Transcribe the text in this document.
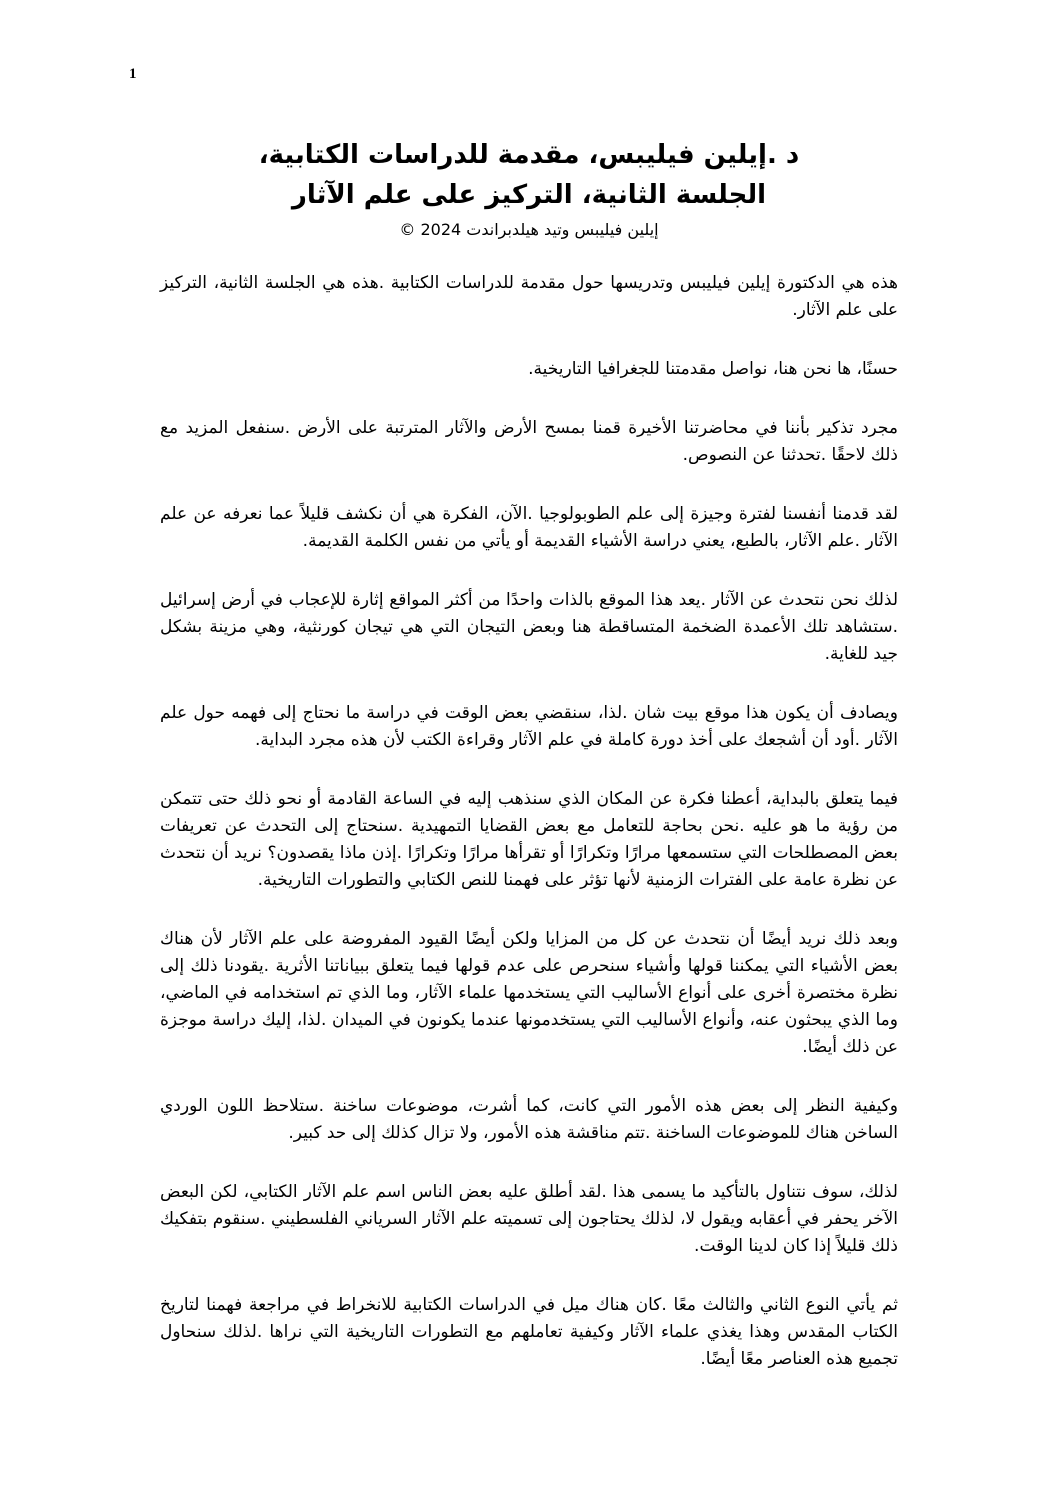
1

د .إيلين فيليبس، مقدمة للدراسات الكتابية،

الجلسة الثانية، التركيز على علم الآثار

إيلين فيليبس وتيد هيلدبراندت 2024 ©

هذه هي الدكتورة إيلين فيليبس وتدريسها حول مقدمة للدراسات الكتابية .هذه هي الجلسة الثانية، التركيز على علم الآثار.

حسنًا، ها نحن هنا، نواصل مقدمتنا للجغرافيا التاريخية.

مجرد تذكير بأننا في محاضرتنا الأخيرة قمنا بمسح الأرض والآثار المترتبة على الأرض .سنفعل المزيد مع ذلك لاحقًا .تحدثنا عن النصوص.

لقد قدمنا أنفسنا لفترة وجيزة إلى علم الطوبولوجيا .الآن، الفكرة هي أن نكشف قليلاً عما نعرفه عن علم الآثار .علم الآثار، بالطبع، يعني دراسة الأشياء القديمة أو يأتي من نفس الكلمة القديمة.

لذلك نحن نتحدث عن الآثار .يعد هذا الموقع بالذات واحدًا من أكثر المواقع إثارة للإعجاب في أرض إسرائيل .ستشاهد تلك الأعمدة الضخمة المتساقطة هنا وبعض التيجان التي هي تيجان كورنثية، وهي مزينة بشكل جيد للغاية.

ويصادف أن يكون هذا موقع بيت شان .لذا، سنقضي بعض الوقت في دراسة ما نحتاج إلى فهمه حول علم الآثار .أود أن أشجعك على أخذ دورة كاملة في علم الآثار وقراءة الكتب لأن هذه مجرد البداية.

فيما يتعلق بالبداية، أعطنا فكرة عن المكان الذي سنذهب إليه في الساعة القادمة أو نحو ذلك حتى تتمكن من رؤية ما هو عليه .نحن بحاجة للتعامل مع بعض القضايا التمهيدية .سنحتاج إلى التحدث عن تعريفات بعض المصطلحات التي ستسمعها مرارًا وتكرارًا أو تقرأها مرارًا وتكرارًا .إذن ماذا يقصدون؟ نريد أن نتحدث عن نظرة عامة على الفترات الزمنية لأنها تؤثر على فهمنا للنص الكتابي والتطورات التاريخية.

وبعد ذلك نريد أيضًا أن نتحدث عن كل من المزايا ولكن أيضًا القيود المفروضة على علم الآثار لأن هناك بعض الأشياء التي يمكننا قولها وأشياء سنحرص على عدم قولها فيما يتعلق ببياناتنا الأثرية .يقودنا ذلك إلى نظرة مختصرة أخرى على أنواع الأساليب التي يستخدمها علماء الآثار، وما الذي تم استخدامه في الماضي، وما الذي يبحثون عنه، وأنواع الأساليب التي يستخدمونها عندما يكونون في الميدان .لذا، إليك دراسة موجزة عن ذلك أيضًا.

وكيفية النظر إلى بعض هذه الأمور التي كانت، كما أشرت، موضوعات ساخنة .ستلاحظ اللون الوردي الساخن هناك للموضوعات الساخنة .تتم مناقشة هذه الأمور، ولا تزال كذلك إلى حد كبير.

لذلك، سوف نتناول بالتأكيد ما يسمى هذا .لقد أطلق عليه بعض الناس اسم علم الآثار الكتابي، لكن البعض الآخر يحفر في أعقابه ويقول لا، لذلك يحتاجون إلى تسميته علم الآثار السرياني الفلسطيني .سنقوم بتفكيك ذلك قليلاً إذا كان لدينا الوقت.

ثم يأتي النوع الثاني والثالث معًا .كان هناك ميل في الدراسات الكتابية للانخراط في مراجعة فهمنا لتاريخ الكتاب المقدس وهذا يغذي علماء الآثار وكيفية تعاملهم مع التطورات التاريخية التي نراها .لذلك سنحاول تجميع هذه العناصر معًا أيضًا.
